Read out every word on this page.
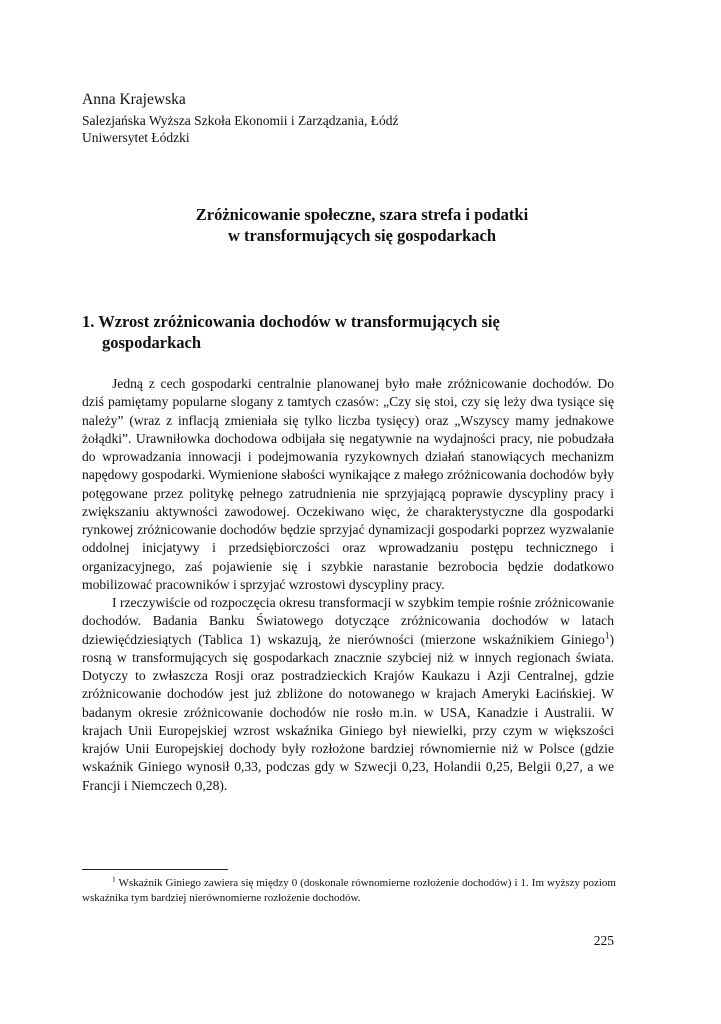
Anna Krajewska
Salezjańska Wyższa Szkoła Ekonomii i Zarządzania, Łódź
Uniwersytet Łódzki
Zróżnicowanie społeczne, szara strefa i podatki
w transformujących się gospodarkach
1. Wzrost zróżnicowania dochodów w transformujących się
gospodarkach

Jedną z cech gospodarki centralnie planowanej było małe zróżnicowanie dochodów. Do dziś pamiętamy popularne slogany z tamtych czasów: „Czy się stoi, czy się leży dwa tysiące się należy” (wraz z inflacją zmieniała się tylko liczba tysięcy) oraz „Wszyscy mamy jednakowe żołądki”. Urawniłowka dochodowa odbijała się negatywnie na wydajności pracy, nie pobudzała do wprowadzania innowacji i podejmowania ryzykownych działań stanowiących mechanizm napędowy gospodarki. Wymienione słabości wynikające z małego zróżnicowania dochodów były potęgowane przez politykę pełnego zatrudnienia nie sprzyjającą poprawie dyscypliny pracy i zwiększaniu aktywności zawodowej. Oczekiwano więc, że charakterystyczne dla gospodarki rynkowej zróżnicowanie dochodów będzie sprzyjać dynamizacji gospodarki poprzez wyzwalanie oddolnej inicjatywy i przedsiębiorczości oraz wprowadzaniu postępu technicznego i organizacyjnego, zaś pojawienie się i szybkie narastanie bezrobocia będzie dodatkowo mobilizować pracowników i sprzyjać wzrostowi dyscypliny pracy.

I rzeczywiście od rozpoczęcia okresu transformacji w szybkim tempie rośnie zróżnicowanie dochodów. Badania Banku Światowego dotyczące zróżnicowania dochodów w latach dziewięćdziesiątych (Tablica 1) wskazują, że nierówności (mierzone wskaźnikiem Giniego$^1$) rosną w transformujących się gospodarkach znacznie szybciej niż w innych regionach świata. Dotyczy to zwłaszcza Rosji oraz postradzieckich Krajów Kaukazu i Azji Centralnej, gdzie zróżnicowanie dochodów jest już zbliżone do notowanego w krajach Ameryki Łacińskiej. W badanym okresie zróżnicowanie dochodów nie rosło m.in. w USA, Kanadzie i Australii. W krajach Unii Europejskiej wzrost wskaźnika Giniego był niewielki, przy czym w większości krajów Unii Europejskiej dochody były rozłożone bardziej równomiernie niż w Polsce (gdzie wskaźnik Giniego wynosił 0,33, podczas gdy w Szwecji 0,23, Holandii 0,25, Belgii 0,27, a we Francji i Niemczech 0,28).

$^1$ Wskaźnik Giniego zawiera się między 0 (doskonale równomierne rozłożenie dochodów) i 1. Im wyższy poziom wskaźnika tym bardziej nierównomierne rozłożenie dochodów.
225
